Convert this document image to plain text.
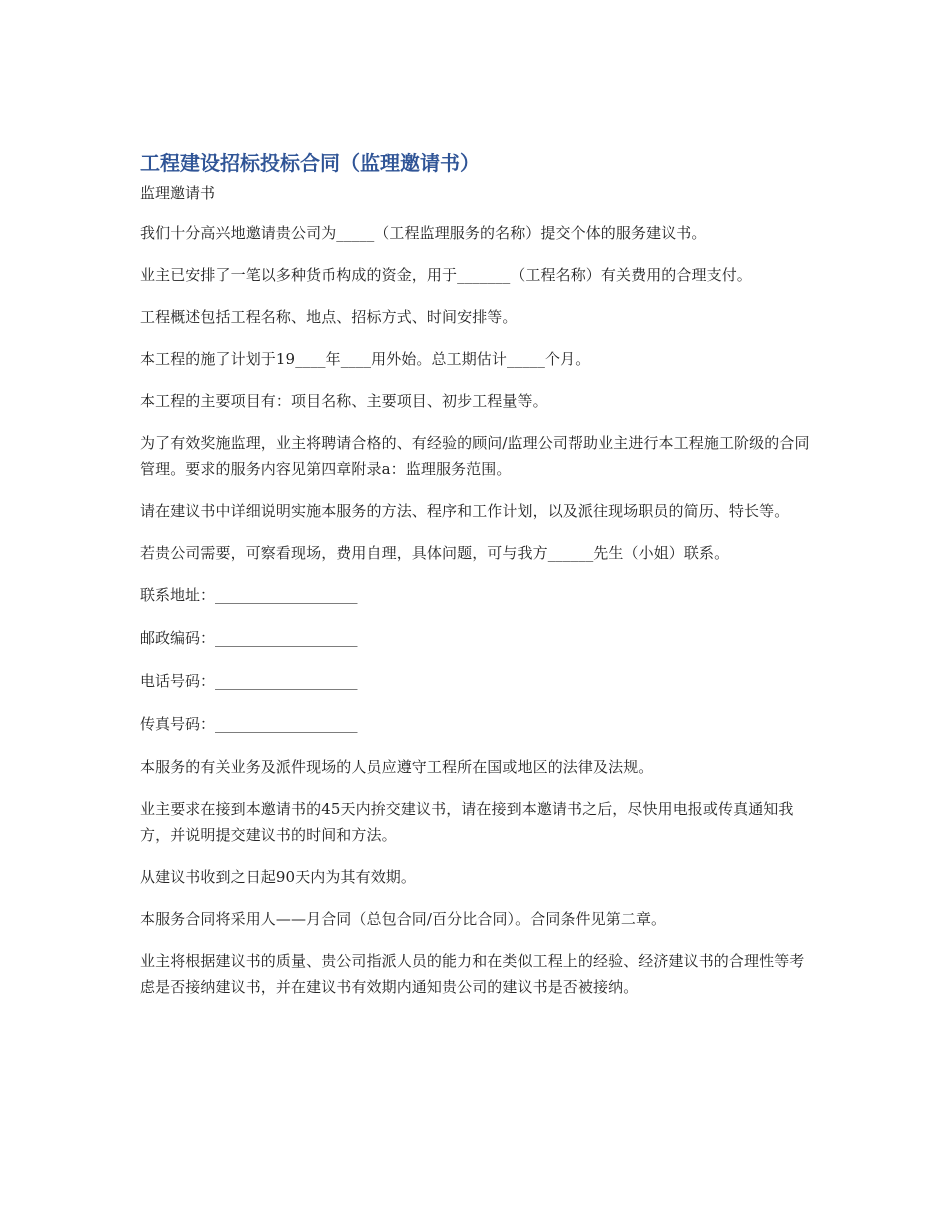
工程建设招标投标合同（监理邀请书）
监理邀请书

我们十分高兴地邀请贵公司为_____（工程监理服务的名称）提交个体的服务建议书。

业主已安排了一笔以多种货币构成的资金，用于_______（工程名称）有关费用的合理支付。

工程概述包括工程名称、地点、招标方式、时间安排等。

本工程的施了计划于19____年____用外始。总工期估计_____个月。

本工程的主要项目有：项目名称、主要项目、初步工程量等。

为了有效奖施监理，业主将聘请合格的、有经验的顾问/监理公司帮助业主进行本工程施工阶级的合同管理。要求的服务内容见第四章附录a：监理服务范围。

请在建议书中详细说明实施本服务的方法、程序和工作计划，以及派往现场职员的简历、特长等。

若贵公司需要，可察看现场，费用自理，具体问题，可与我方______先生（小姐）联系。

联系地址：___________________
邮政编码：___________________
电话号码：___________________
传真号码：___________________

本服务的有关业务及派件现场的人员应遵守工程所在国或地区的法律及法规。

业主要求在接到本邀请书的45天内拚交建议书，请在接到本邀请书之后，尽快用电报或传真通知我方，并说明提交建议书的时间和方法。

从建议书收到之日起90天内为其有效期。

本服务合同将采用人——月合同（总包合同/百分比合同）。合同条件见第二章。

业主将根据建议书的质量、贵公司指派人员的能力和在类似工程上的经验、经济建议书的合理性等考虑是否接纳建议书，并在建议书有效期内通知贵公司的建议书是否被接纳。
